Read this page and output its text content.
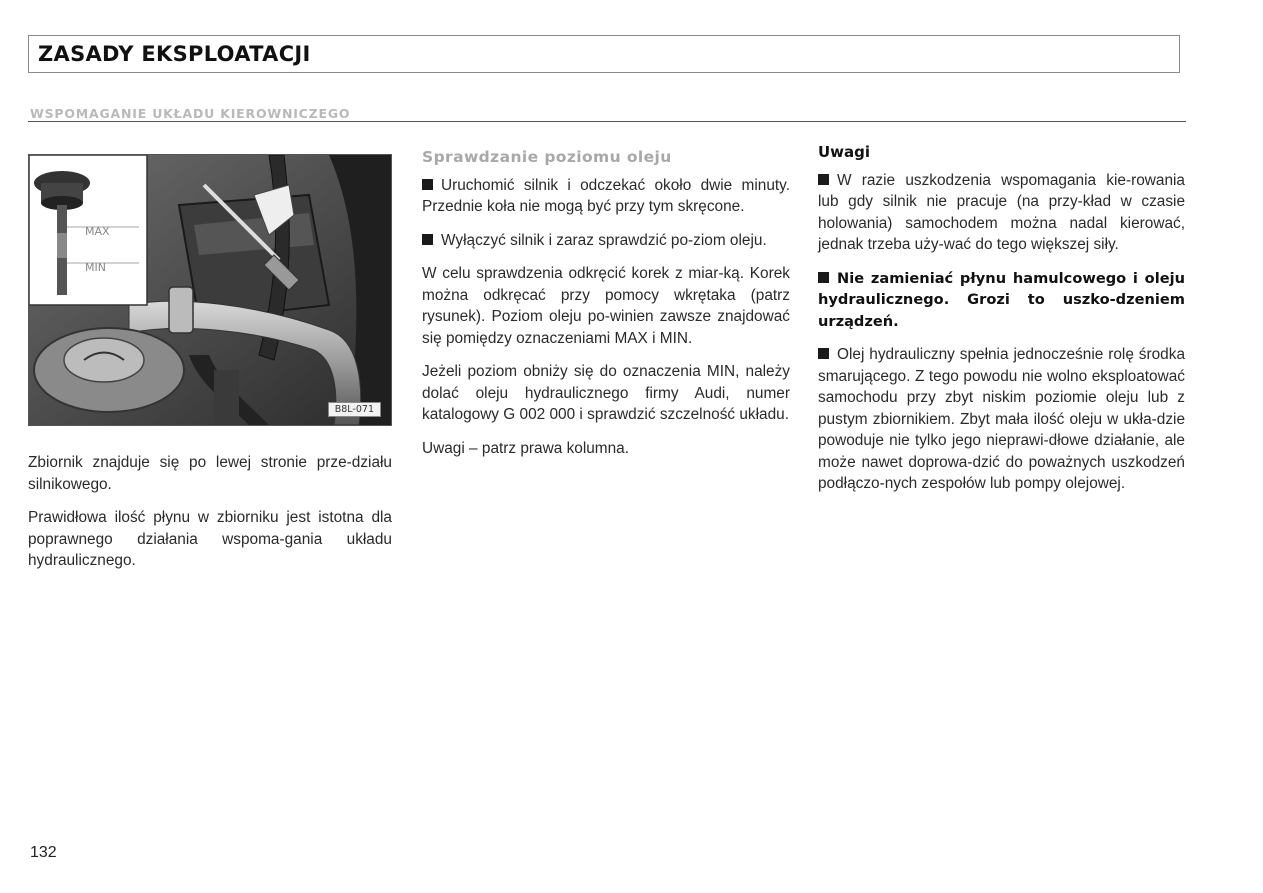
ZASADY EKSPLOATACJI
WSPOMAGANIE UKŁADU KIEROWNICZEGO
MAX
MIN
B8L-071

Zbiornik znajduje się po lewej stronie prze-działu silnikowego.

Prawidłowa ilość płynu w zbiorniku jest istotna dla poprawnego działania wspoma-gania układu hydraulicznego.

Sprawdzanie poziomu oleju

Uruchomić silnik i odczekać około dwie minuty. Przednie koła nie mogą być przy tym skręcone.

Wyłączyć silnik i zaraz sprawdzić po-ziom oleju.

W celu sprawdzenia odkręcić korek z miar-ką. Korek można odkręcać przy pomocy wkrętaka (patrz rysunek). Poziom oleju po-winien zawsze znajdować się pomiędzy oznaczeniami MAX i MIN.

Jeżeli poziom obniży się do oznaczenia MIN, należy dolać oleju hydraulicznego firmy Audi, numer katalogowy G 002 000 i sprawdzić szczelność układu.

Uwagi – patrz prawa kolumna.

Uwagi

W razie uszkodzenia wspomagania kie-rowania lub gdy silnik nie pracuje (na przy-kład w czasie holowania) samochodem można nadal kierować, jednak trzeba uży-wać do tego większej siły.

Nie zamieniać płynu hamulcowego i oleju hydraulicznego. Grozi to uszko-dzeniem urządzeń.

Olej hydrauliczny spełnia jednocześnie rolę środka smarującego. Z tego powodu nie wolno eksploatować samochodu przy zbyt niskim poziomie oleju lub z pustym zbiornikiem. Zbyt mała ilość oleju w ukła-dzie powoduje nie tylko jego nieprawi-dłowe działanie, ale może nawet doprowa-dzić do poważnych uszkodzeń podłączo-nych zespołów lub pompy olejowej.

132
